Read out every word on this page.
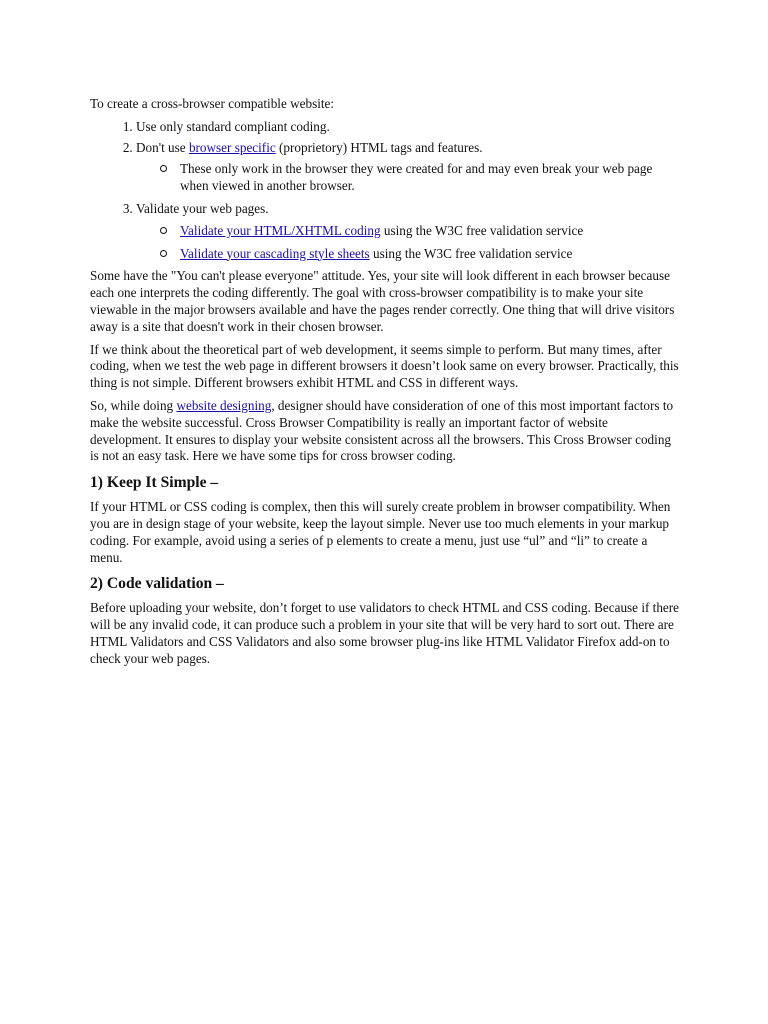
To create a cross-browser compatible website:

1. Use only standard compliant coding.
2. Don't use browser specific (proprietory) HTML tags and features.
These only work in the browser they were created for and may even break your web page when viewed in another browser.
3. Validate your web pages.
Validate your HTML/XHTML coding using the W3C free validation service
Validate your cascading style sheets using the W3C free validation service

Some have the "You can't please everyone" attitude. Yes, your site will look different in each browser because each one interprets the coding differently. The goal with cross-browser compatibility is to make your site viewable in the major browsers available and have the pages render correctly. One thing that will drive visitors away is a site that doesn't work in their chosen browser.

If we think about the theoretical part of web development, it seems simple to perform. But many times, after coding, when we test the web page in different browsers it doesn’t look same on every browser. Practically, this thing is not simple. Different browsers exhibit HTML and CSS in different ways.

So, while doing website designing, designer should have consideration of one of this most important factors to make the website successful. Cross Browser Compatibility is really an important factor of website development. It ensures to display your website consistent across all the browsers. This Cross Browser coding is not an easy task. Here we have some tips for cross browser coding.

1) Keep It Simple –

If your HTML or CSS coding is complex, then this will surely create problem in browser compatibility. When you are in design stage of your website, keep the layout simple. Never use too much elements in your markup coding. For example, avoid using a series of p elements to create a menu, just use “ul” and “li” to create a menu.

2) Code validation –

Before uploading your website, don’t forget to use validators to check HTML and CSS coding. Because if there will be any invalid code, it can produce such a problem in your site that will be very hard to sort out. There are HTML Validators and CSS Validators and also some browser plug-ins like HTML Validator Firefox add-on to check your web pages.
